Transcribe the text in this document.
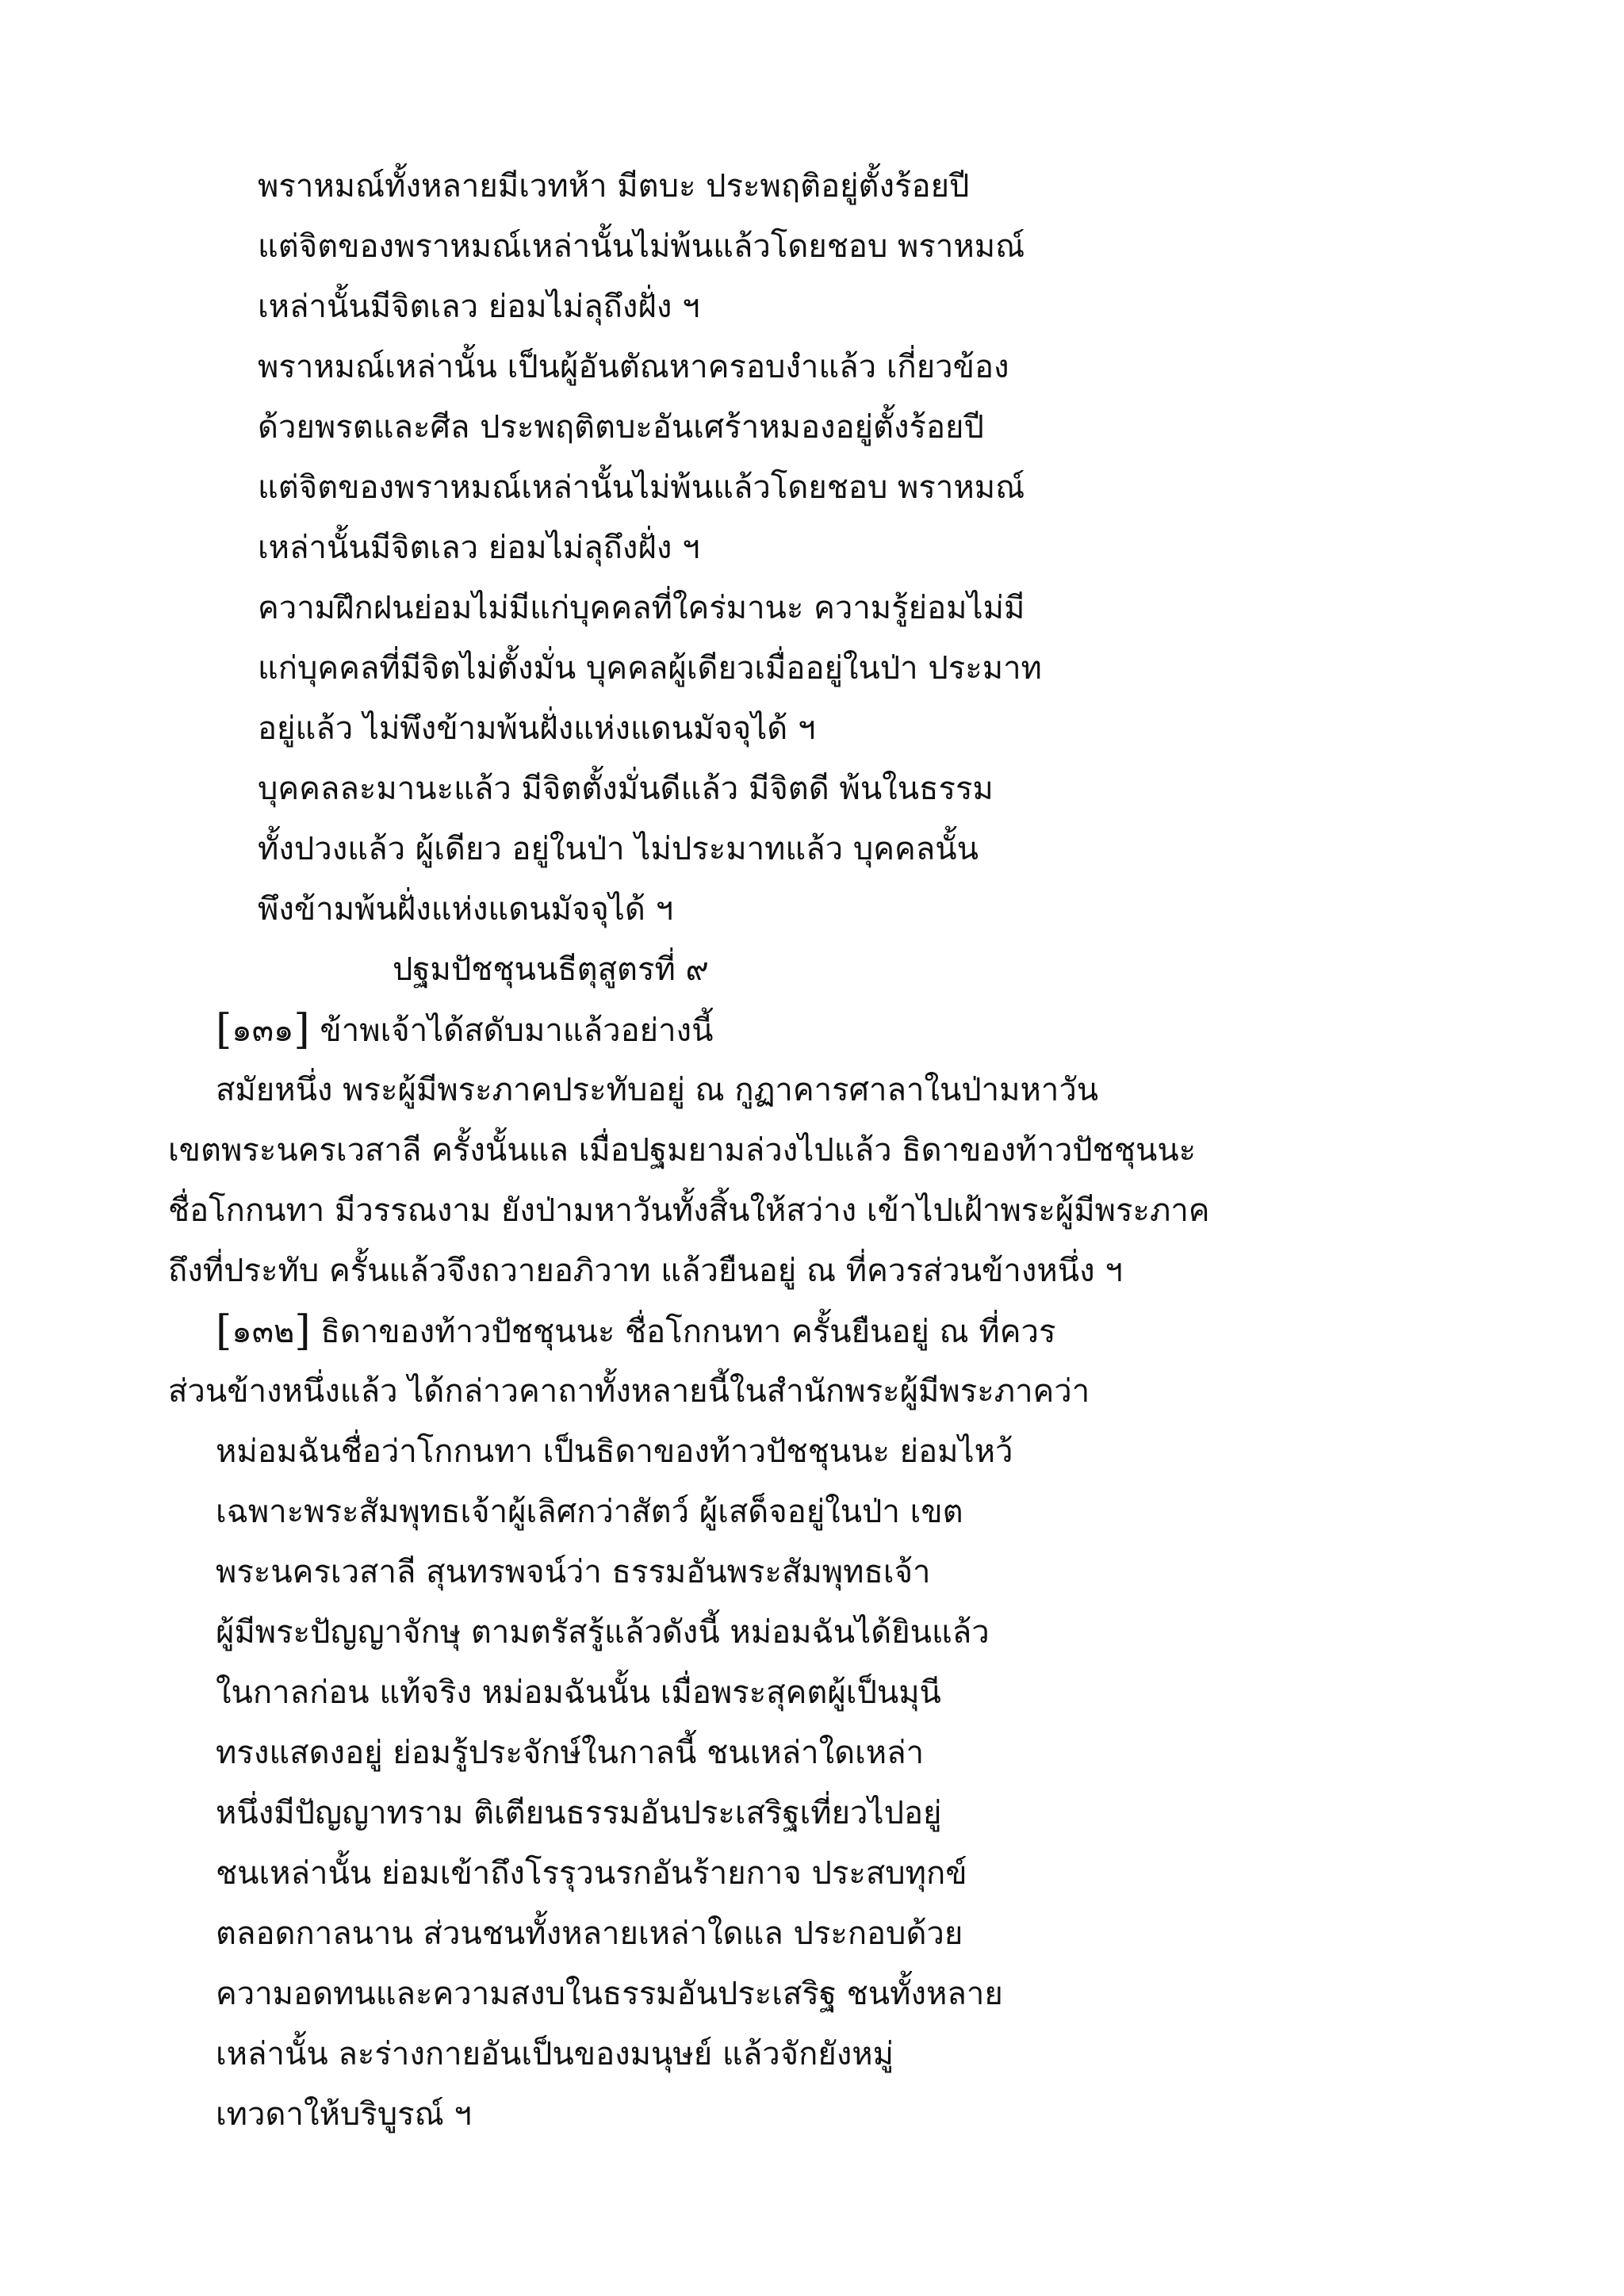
พราหมณ์ทั้งหลายมีเวทห้า มีตบะ ประพฤติอยู่ตั้งร้อยปี
แต่จิตของพราหมณ์เหล่านั้นไม่พ้นแล้วโดยชอบ พราหมณ์
เหล่านั้นมีจิตเลว ย่อมไม่ลุถึงฝั่ง ฯ
พราหมณ์เหล่านั้น เป็นผู้อันตัณหาครอบงำแล้ว เกี่ยวข้อง
ด้วยพรตและศีล ประพฤติตบะอันเศร้าหมองอยู่ตั้งร้อยปี
แต่จิตของพราหมณ์เหล่านั้นไม่พ้นแล้วโดยชอบ พราหมณ์
เหล่านั้นมีจิตเลว ย่อมไม่ลุถึงฝั่ง ฯ
ความฝึกฝนย่อมไม่มีแก่บุคคลที่ใคร่มานะ ความรู้ย่อมไม่มี
แก่บุคคลที่มีจิตไม่ตั้งมั่น บุคคลผู้เดียวเมื่ออยู่ในป่า ประมาท
อยู่แล้ว ไม่พึงข้ามพ้นฝั่งแห่งแดนมัจจุได้ ฯ
บุคคลละมานะแล้ว มีจิตตั้งมั่นดีแล้ว มีจิตดี พ้นในธรรม
ทั้งปวงแล้ว ผู้เดียว อยู่ในป่า ไม่ประมาทแล้ว บุคคลนั้น
พึงข้ามพ้นฝั่งแห่งแดนมัจจุได้ ฯ
ปฐมปัชชุนนธีตุสูตรที่ ๙
[๑๓๑] ข้าพเจ้าได้สดับมาแล้วอย่างนี้
สมัยหนึ่ง พระผู้มีพระภาคประทับอยู่ ณ กูฏาคารศาลาในป่ามหาวัน
เขตพระนครเวสาลี ครั้งนั้นแล เมื่อปฐมยามล่วงไปแล้ว ธิดาของท้าวปัชชุนนะ
ชื่อโกกนทา มีวรรณงาม ยังป่ามหาวันทั้งสิ้นให้สว่าง เข้าไปเฝ้าพระผู้มีพระภาค
ถึงที่ประทับ ครั้นแล้วจึงถวายอภิวาท แล้วยืนอยู่ ณ ที่ควรส่วนข้างหนึ่ง ฯ
[๑๓๒] ธิดาของท้าวปัชชุนนะ ชื่อโกกนทา ครั้นยืนอยู่ ณ ที่ควร
ส่วนข้างหนึ่งแล้ว ได้กล่าวคาถาทั้งหลายนี้ในสำนักพระผู้มีพระภาคว่า
หม่อมฉันชื่อว่าโกกนทา เป็นธิดาของท้าวปัชชุนนะ ย่อมไหว้
เฉพาะพระสัมพุทธเจ้าผู้เลิศกว่าสัตว์ ผู้เสด็จอยู่ในป่า เขต
พระนครเวสาลี สุนทรพจน์ว่า ธรรมอันพระสัมพุทธเจ้า
ผู้มีพระปัญญาจักษุ ตามตรัสรู้แล้วดังนี้ หม่อมฉันได้ยินแล้ว
ในกาลก่อน แท้จริง หม่อมฉันนั้น เมื่อพระสุคตผู้เป็นมุนี
ทรงแสดงอยู่ ย่อมรู้ประจักษ์ในกาลนี้ ชนเหล่าใดเหล่า
หนึ่งมีปัญญาทราม ติเตียนธรรมอันประเสริฐเที่ยวไปอยู่
ชนเหล่านั้น ย่อมเข้าถึงโรรุวนรกอันร้ายกาจ ประสบทุกข์
ตลอดกาลนาน ส่วนชนทั้งหลายเหล่าใดแล ประกอบด้วย
ความอดทนและความสงบในธรรมอันประเสริฐ ชนทั้งหลาย
เหล่านั้น ละร่างกายอันเป็นของมนุษย์ แล้วจักยังหมู่
เทวดาให้บริบูรณ์ ฯ
